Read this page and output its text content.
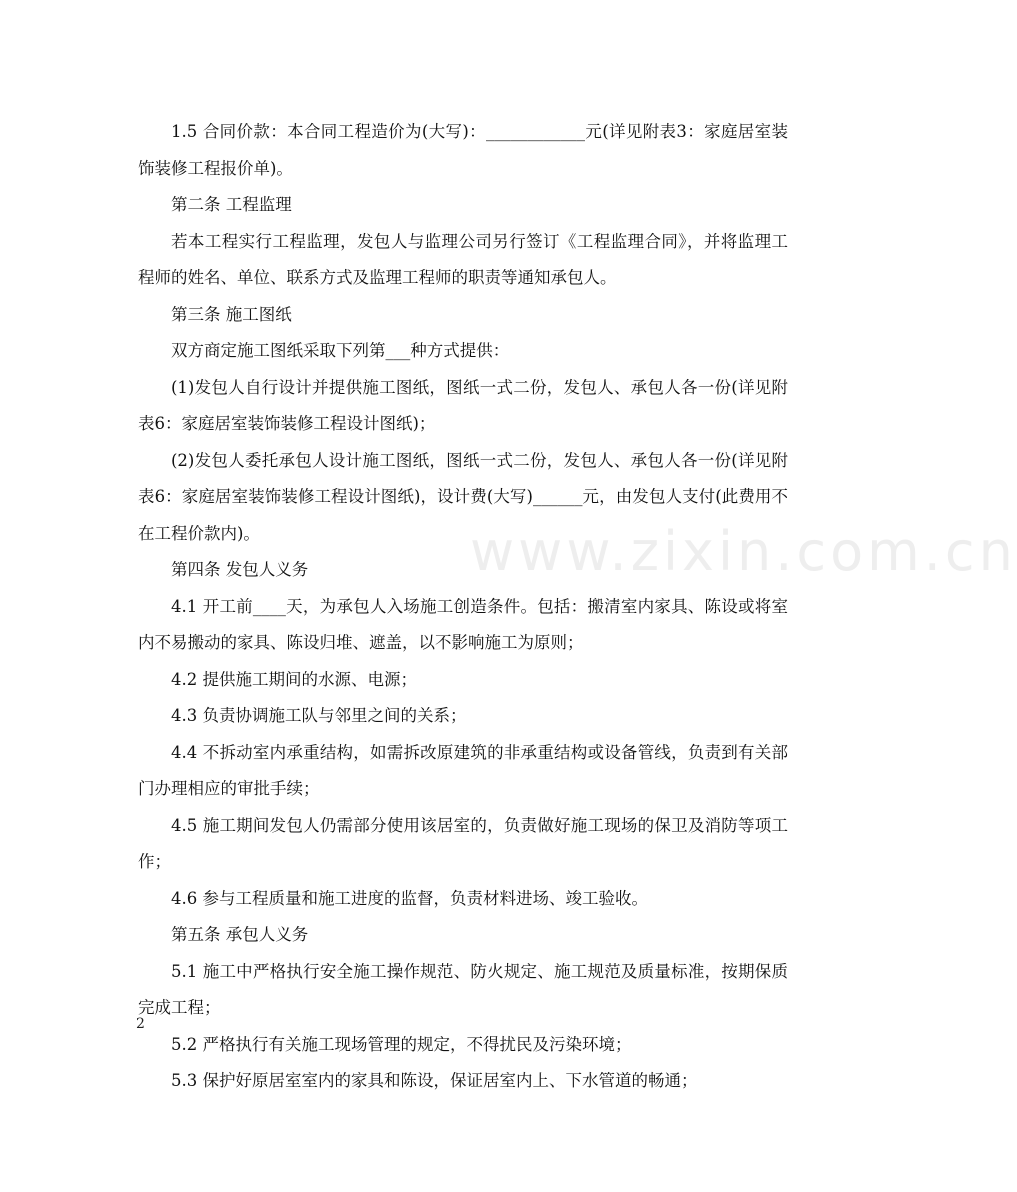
www.zixin.com.cn

1.5 合同价款：本合同工程造价为(大写)：____________元(详见附表3：家庭居室装饰装修工程报价单)。

第二条 工程监理

若本工程实行工程监理，发包人与监理公司另行签订《工程监理合同》，并将监理工程师的姓名、单位、联系方式及监理工程师的职责等通知承包人。

第三条 施工图纸

双方商定施工图纸采取下列第___种方式提供：

(1)发包人自行设计并提供施工图纸，图纸一式二份，发包人、承包人各一份(详见附表6：家庭居室装饰装修工程设计图纸)；

(2)发包人委托承包人设计施工图纸，图纸一式二份，发包人、承包人各一份(详见附表6：家庭居室装饰装修工程设计图纸)，设计费(大写)______元，由发包人支付(此费用不在工程价款内)。

第四条 发包人义务

4.1 开工前____天，为承包人入场施工创造条件。包括：搬清室内家具、陈设或将室内不易搬动的家具、陈设归堆、遮盖，以不影响施工为原则；

4.2 提供施工期间的水源、电源；

4.3 负责协调施工队与邻里之间的关系；

4.4 不拆动室内承重结构，如需拆改原建筑的非承重结构或设备管线，负责到有关部门办理相应的审批手续；

4.5 施工期间发包人仍需部分使用该居室的，负责做好施工现场的保卫及消防等项工作；

4.6 参与工程质量和施工进度的监督，负责材料进场、竣工验收。

第五条 承包人义务

5.1 施工中严格执行安全施工操作规范、防火规定、施工规范及质量标准，按期保质完成工程；

5.2 严格执行有关施工现场管理的规定，不得扰民及污染环境；

5.3 保护好原居室室内的家具和陈设，保证居室内上、下水管道的畅通；

2
